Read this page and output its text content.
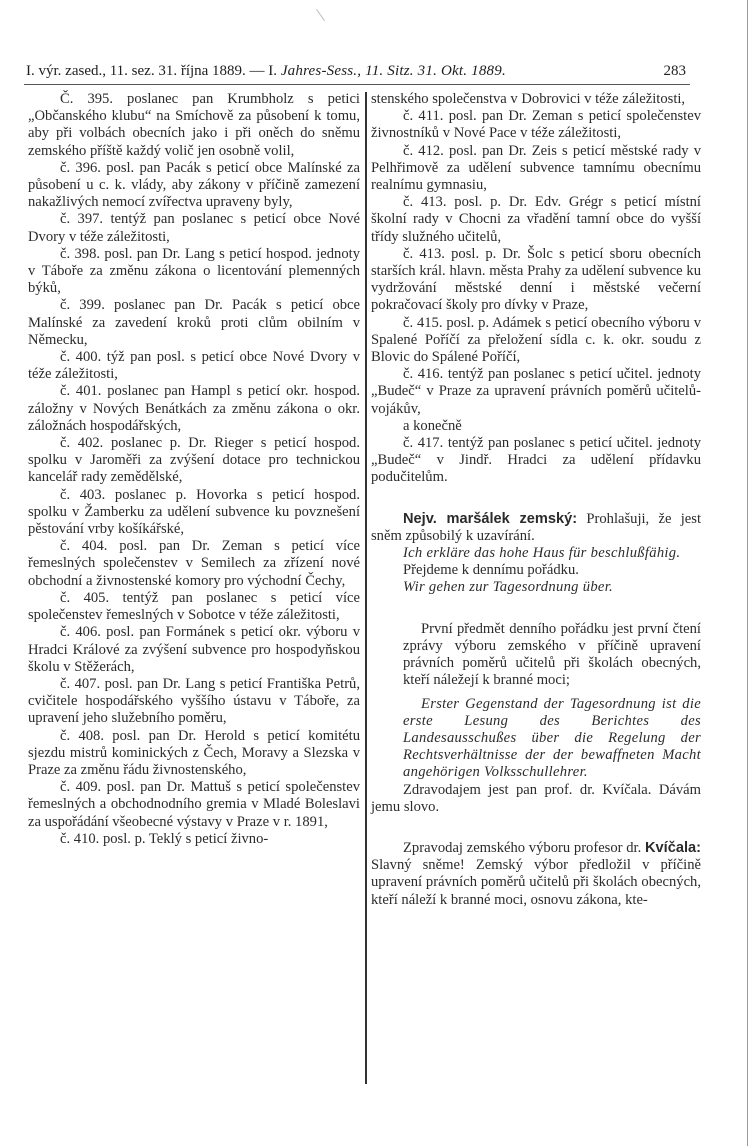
I. výr. zased., 11. sez. 31. října 1889. — I. Jahres-Sess., 11. Sitz. 31. Okt. 1889.	283

Č. 395. poslanec pan Krumbholz s petici „Občanského klubu“ na Smíchově za působení k tomu, aby při volbách obecních jako i při oněch do sněmu zemského příště každý volič jen osobně volil,

č. 396. posl. pan Pacák s peticí obce Malínské za působení u c. k. vlády, aby zákony v příčině zamezení nakažlivých nemocí zvířectva upraveny byly,

č. 397. tentýž pan poslanec s peticí obce Nové Dvory v téže záležitosti,

č. 398. posl. pan Dr. Lang s peticí hospod. jednoty v Táboře za změnu zákona o licentování plemenných býků,

č. 399. poslanec pan Dr. Pacák s peticí obce Malínské za zavedení kroků proti clům obilním v Německu,

č. 400. týž pan posl. s peticí obce Nové Dvory v téže záležitosti,

č. 401. poslanec pan Hampl s peticí okr. hospod. záložny v Nových Benátkách za změnu zákona o okr. záložnách hospodářských,

č. 402. poslanec p. Dr. Rieger s peticí hospod. spolku v Jaroměři za zvýšení dotace pro technickou kancelář rady zemědělské,

č. 403. poslanec p. Hovorka s peticí hospod. spolku v Žamberku za udělení subvence ku povznešení pěstování vrby košíkářské,

č. 404. posl. pan Dr. Zeman s peticí více řemeslných společenstev v Semilech za zřízení nové obchodní a živnostenské komory pro východní Čechy,

č. 405. tentýž pan poslanec s peticí více společenstev řemeslných v Sobotce v téže záležitosti,

č. 406. posl. pan Formánek s peticí okr. výboru v Hradci Králové za zvýšení subvence pro hospodyňskou školu v Stěžerách,

č. 407. posl. pan Dr. Lang s peticí Františka Petrů, cvičitele hospodářského vyššího ústavu v Táboře, za upravení jeho služebního poměru,

č. 408. posl. pan Dr. Herold s peticí komitétu sjezdu mistrů kominických z Čech, Moravy a Slezska v Praze za změnu řádu živnostenského,

č. 409. posl. pan Dr. Mattuš s peticí společenstev řemeslných a obchodnodního gremia v Mladé Boleslavi za uspořádání všeobecné výstavy v Praze v r. 1891,

č. 410. posl. p. Teklý s peticí živno-

stenského společenstva v Dobrovici v téže záležitosti,

č. 411. posl. pan Dr. Zeman s peticí společenstev živnostníků v Nové Pace v téže záležitosti,

č. 412. posl. pan Dr. Zeis s peticí městské rady v Pelhřimově za udělení subvence tamnímu obecnímu realnímu gymnasiu,

č. 413. posl. p. Dr. Edv. Grégr s peticí místní školní rady v Chocni za vřadění tamní obce do vyšší třídy služného učitelů,

č. 413. posl. p. Dr. Šolc s peticí sboru obecních starších král. hlavn. města Prahy za udělení subvence ku vydržování městské denní i městské večerní pokračovací školy pro dívky v Praze,

č. 415. posl. p. Adámek s peticí obecního výboru v Spalené Poříčí za přeložení sídla c. k. okr. soudu z Blovic do Spálené Poříčí,

č. 416. tentýž pan poslanec s peticí učitel. jednoty „Budeč“ v Praze za upravení právních poměrů učitelů-vojákův,

a konečně

č. 417. tentýž pan poslanec s peticí učitel. jednoty „Budeč“ v Jindř. Hradci za udělení přídavku podučitelům.

Nejv. maršálek zemský: Prohlašuji, že jest sněm způsobilý k uzavírání.

Ich erkläre das hohe Haus für beschlußfähig.

Přejdeme k dennímu pořádku.

Wir gehen zur Tagesordnung über.

První předmět denního pořádku jest první čtení zprávy výboru zemského v příčině upravení právních poměrů učitelů při školách obecných, kteří náležejí k branné moci;

Erster Gegenstand der Tagesordnung ist die erste Lesung des Berichtes des Landesausschußes über die Regelung der Rechtsverhältnisse der der bewaffneten Macht angehörigen Volksschullehrer.

Zdravodajem jest pan prof. dr. Kvíčala. Dávám jemu slovo.

Zpravodaj zemského výboru profesor dr. Kvíčala: Slavný sněme! Zemský výbor předložil v příčině upravení právních poměrů učitelů při školách obecných, kteří náleží k branné moci, osnovu zákona, kte-
